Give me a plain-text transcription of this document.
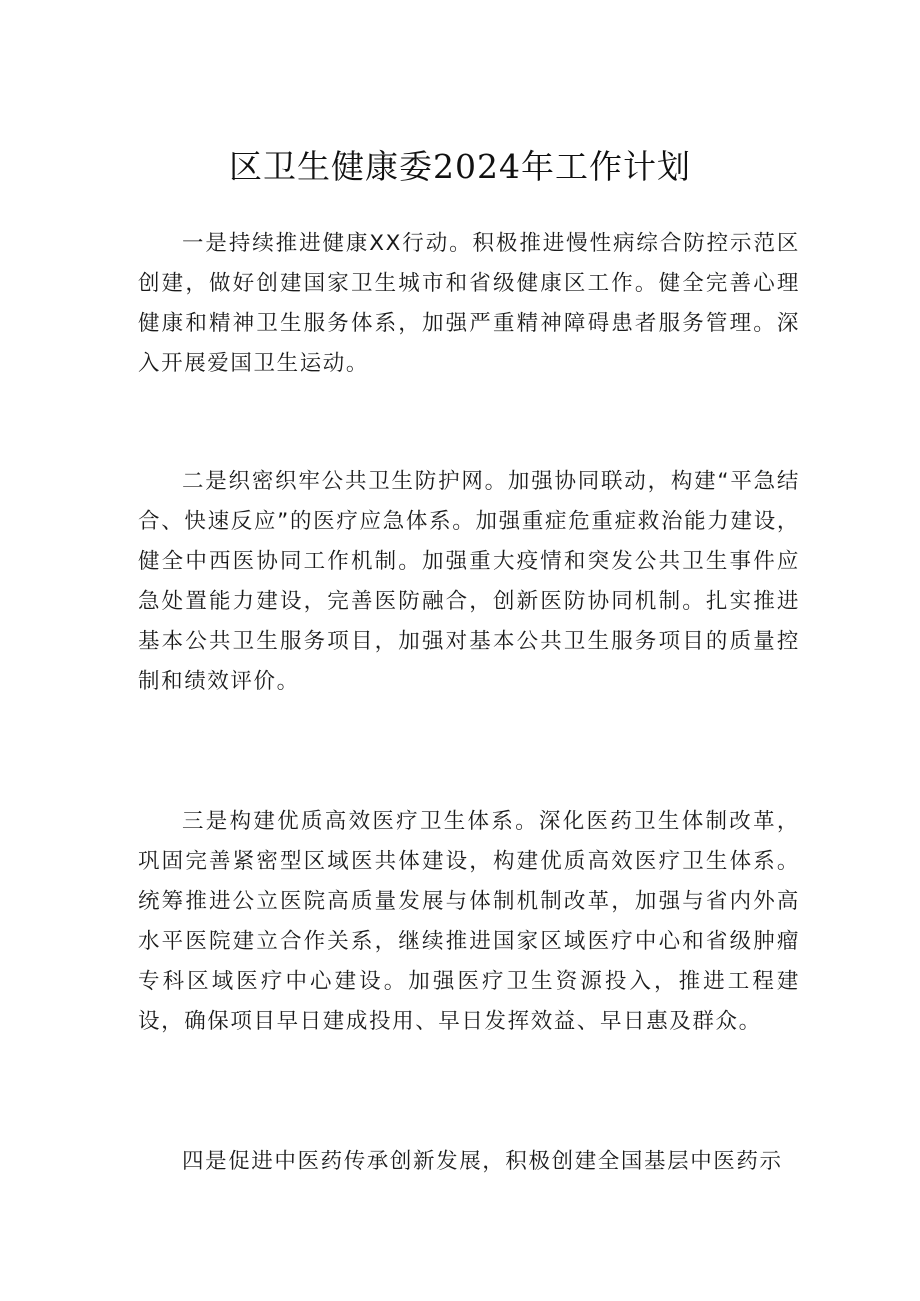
区卫生健康委2024年工作计划

一是持续推进健康XX行动。积极推进慢性病综合防控示范区创建，做好创建国家卫生城市和省级健康区工作。健全完善心理健康和精神卫生服务体系，加强严重精神障碍患者服务管理。深入开展爱国卫生运动。

二是织密织牢公共卫生防护网。加强协同联动，构建“平急结合、快速反应”的医疗应急体系。加强重症危重症救治能力建设，健全中西医协同工作机制。加强重大疫情和突发公共卫生事件应急处置能力建设，完善医防融合，创新医防协同机制。扎实推进基本公共卫生服务项目，加强对基本公共卫生服务项目的质量控制和绩效评价。

三是构建优质高效医疗卫生体系。深化医药卫生体制改革，巩固完善紧密型区域医共体建设，构建优质高效医疗卫生体系。统筹推进公立医院高质量发展与体制机制改革，加强与省内外高水平医院建立合作关系，继续推进国家区域医疗中心和省级肿瘤专科区域医疗中心建设。加强医疗卫生资源投入，推进工程建设，确保项目早日建成投用、早日发挥效益、早日惠及群众。

四是促进中医药传承创新发展，积极创建全国基层中医药示
